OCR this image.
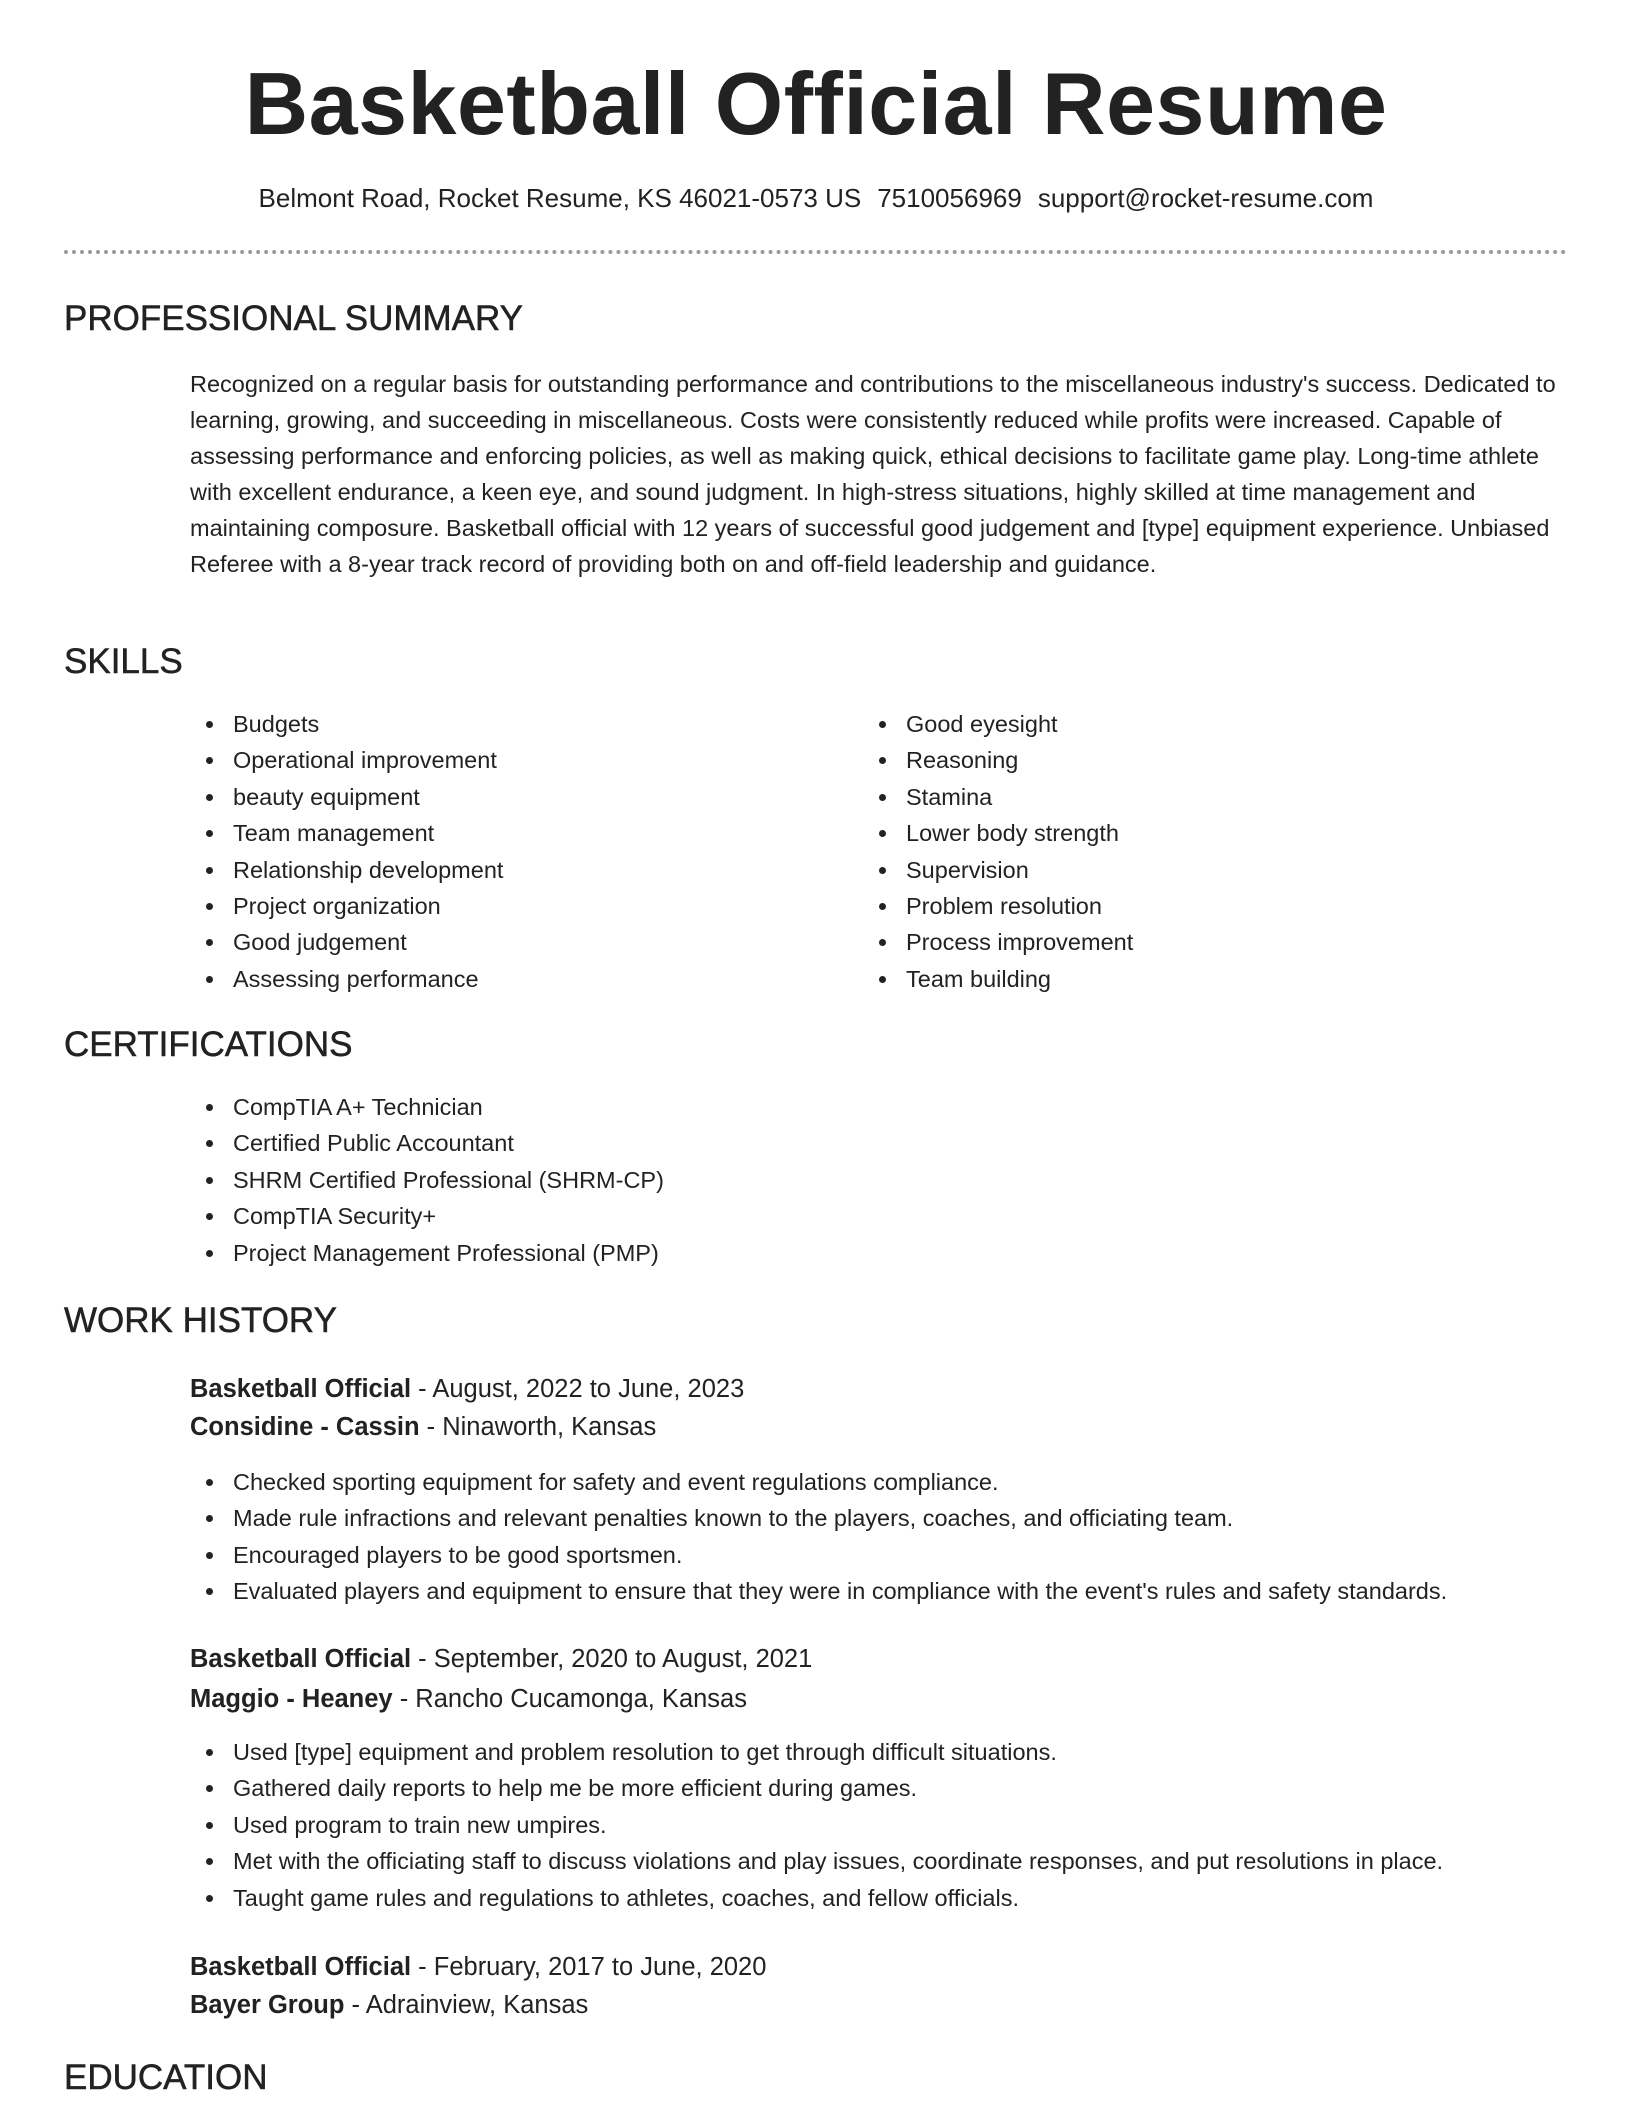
Basketball Official Resume
Belmont Road, Rocket Resume, KS 46021-0573 US 7510056969 support@rocket-resume.com
PROFESSIONAL SUMMARY

Recognized on a regular basis for outstanding performance and contributions to the miscellaneous industry's success. Dedicated to learning, growing, and succeeding in miscellaneous. Costs were consistently reduced while profits were increased. Capable of assessing performance and enforcing policies, as well as making quick, ethical decisions to facilitate game play. Long-time athlete with excellent endurance, a keen eye, and sound judgment. In high-stress situations, highly skilled at time management and maintaining composure. Basketball official with 12 years of successful good judgement and [type] equipment experience. Unbiased Referee with a 8-year track record of providing both on and off-field leadership and guidance.

SKILLS
Budgets
Operational improvement
beauty equipment
Team management
Relationship development
Project organization
Good judgement
Assessing performance
Good eyesight
Reasoning
Stamina
Lower body strength
Supervision
Problem resolution
Process improvement
Team building
CERTIFICATIONS
CompTIA A+ Technician
Certified Public Accountant
SHRM Certified Professional (SHRM-CP)
CompTIA Security+
Project Management Professional (PMP)
WORK HISTORY
Basketball Official - August, 2022 to June, 2023
Considine - Cassin - Ninaworth, Kansas
Checked sporting equipment for safety and event regulations compliance.
Made rule infractions and relevant penalties known to the players, coaches, and officiating team.
Encouraged players to be good sportsmen.
Evaluated players and equipment to ensure that they were in compliance with the event's rules and safety standards.
Basketball Official - September, 2020 to August, 2021
Maggio - Heaney - Rancho Cucamonga, Kansas
Used [type] equipment and problem resolution to get through difficult situations.
Gathered daily reports to help me be more efficient during games.
Used program to train new umpires.
Met with the officiating staff to discuss violations and play issues, coordinate responses, and put resolutions in place.
Taught game rules and regulations to athletes, coaches, and fellow officials.
Basketball Official - February, 2017 to June, 2020
Bayer Group - Adrainview, Kansas
EDUCATION
